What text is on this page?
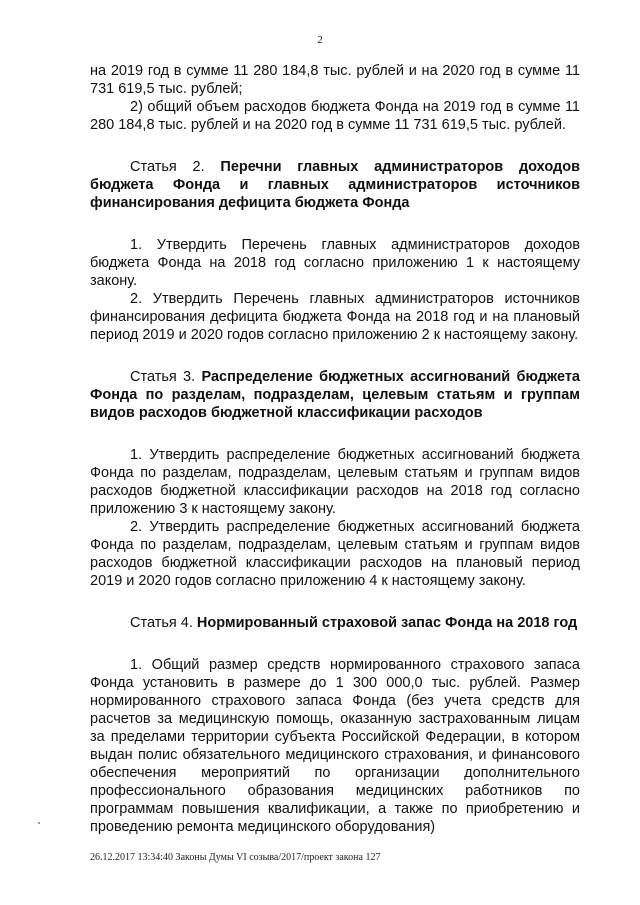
2

на 2019 год в сумме 11 280 184,8 тыс. рублей и на 2020 год в сумме 11 731 619,5 тыс. рублей;

2) общий объем расходов бюджета Фонда на 2019 год в сумме 11 280 184,8 тыс. рублей и на 2020 год в сумме 11 731 619,5 тыс. рублей.

Статья 2. Перечни главных администраторов доходов бюджета Фонда и главных администраторов источников финансирования дефицита бюджета Фонда

1. Утвердить Перечень главных администраторов доходов бюджета Фонда на 2018 год согласно приложению 1 к настоящему закону.

2. Утвердить Перечень главных администраторов источников финансирования дефицита бюджета Фонда на 2018 год и на плановый период 2019 и 2020 годов согласно приложению 2 к настоящему закону.

Статья 3. Распределение бюджетных ассигнований бюджета Фонда по разделам, подразделам, целевым статьям и группам видов расходов бюджетной классификации расходов

1. Утвердить распределение бюджетных ассигнований бюджета Фонда по разделам, подразделам, целевым статьям и группам видов расходов бюджетной классификации расходов на 2018 год согласно приложению 3 к настоящему закону.

2. Утвердить распределение бюджетных ассигнований бюджета Фонда по разделам, подразделам, целевым статьям и группам видов расходов бюджетной классификации расходов на плановый период 2019 и 2020 годов согласно приложению 4 к настоящему закону.

Статья 4. Нормированный страховой запас Фонда на 2018 год

1. Общий размер средств нормированного страхового запаса Фонда установить в размере до 1 300 000,0 тыс. рублей. Размер нормированного страхового запаса Фонда (без учета средств для расчетов за медицинскую помощь, оказанную застрахованным лицам за пределами территории субъекта Российской Федерации, в котором выдан полис обязательного медицинского страхования, и финансового обеспечения мероприятий по организации дополнительного профессионального образования медицинских работников по программам повышения квалификации, а также по приобретению и проведению ремонта медицинского оборудования)

26.12.2017 13:34:40 Законы Думы VI созыва/2017/проект закона 127
